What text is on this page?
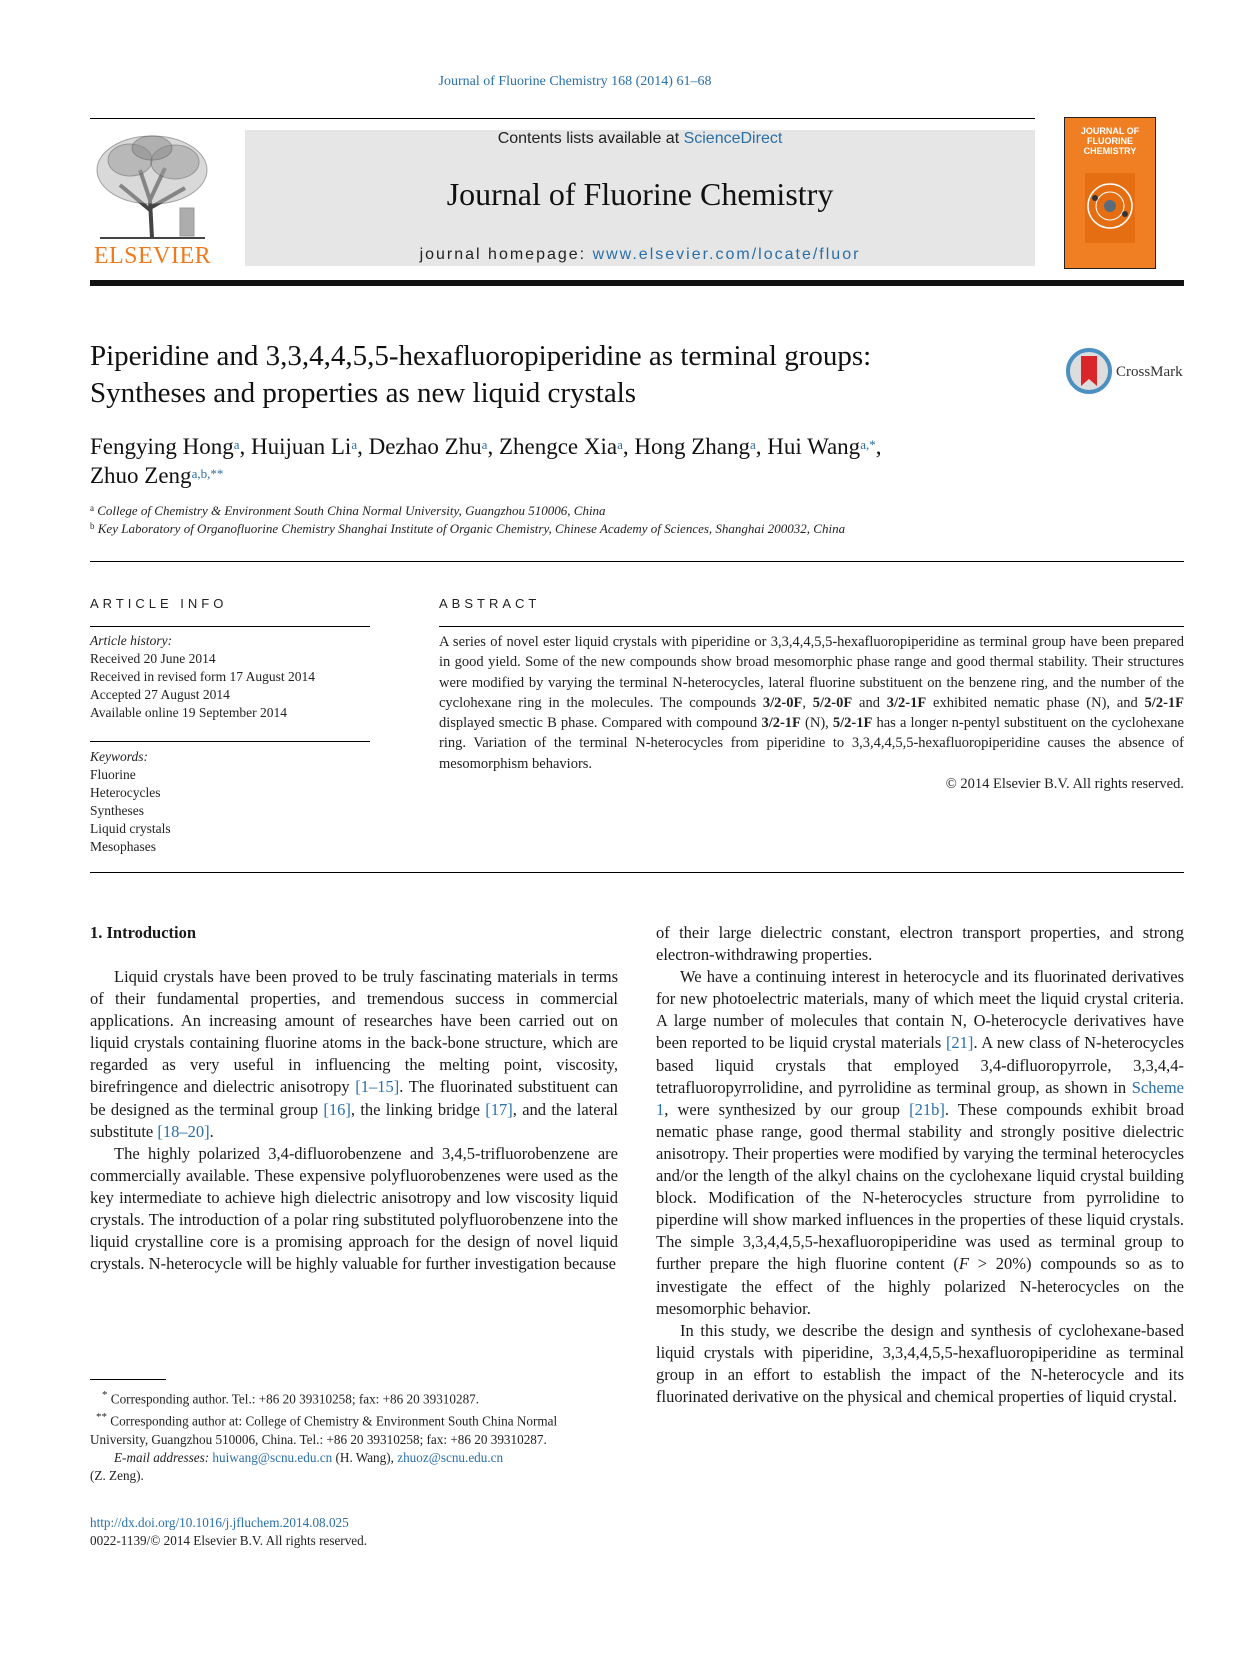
Journal of Fluorine Chemistry 168 (2014) 61–68
ELSEVIER
Contents lists available at ScienceDirect
Journal of Fluorine Chemistry
journal homepage: www.elsevier.com/locate/fluor
JOURNAL OF FLUORINE CHEMISTRY
Piperidine and 3,3,4,4,5,5-hexafluoropiperidine as terminal groups:
Syntheses and properties as new liquid crystals
CrossMark
Fengying Hong$^a$, Huijuan Li$^a$, Dezhao Zhu$^a$, Zhengce Xia$^a$, Hong Zhang$^a$, Hui Wang$^{a,*}$,
Zhuo Zeng$^{a,b,**}$
$^a$ College of Chemistry & Environment South China Normal University, Guangzhou 510006, China
$^b$ Key Laboratory of Organofluorine Chemistry Shanghai Institute of Organic Chemistry, Chinese Academy of Sciences, Shanghai 200032, China
ARTICLE INFO
Article history:
Received 20 June 2014
Received in revised form 17 August 2014
Accepted 27 August 2014
Available online 19 September 2014
Keywords:
Fluorine
Heterocycles
Syntheses
Liquid crystals
Mesophases
ABSTRACT
A series of novel ester liquid crystals with piperidine or 3,3,4,4,5,5-hexafluoropiperidine as terminal group have been prepared in good yield. Some of the new compounds show broad mesomorphic phase range and good thermal stability. Their structures were modified by varying the terminal N-heterocycles, lateral fluorine substituent on the benzene ring, and the number of the cyclohexane ring in the molecules. The compounds 3/2-0F, 5/2-0F and 3/2-1F exhibited nematic phase (N), and 5/2-1F displayed smectic B phase. Compared with compound 3/2-1F (N), 5/2-1F has a longer n-pentyl substituent on the cyclohexane ring. Variation of the terminal N-heterocycles from piperidine to 3,3,4,4,5,5-hexafluoropiperidine causes the absence of mesomorphism behaviors.
© 2014 Elsevier B.V. All rights reserved.
1. Introduction

Liquid crystals have been proved to be truly fascinating materials in terms of their fundamental properties, and tremendous success in commercial applications. An increasing amount of researches have been carried out on liquid crystals containing fluorine atoms in the back-bone structure, which are regarded as very useful in influencing the melting point, viscosity, birefringence and dielectric anisotropy [1–15]. The fluorinated substituent can be designed as the terminal group [16], the linking bridge [17], and the lateral substitute [18–20].

The highly polarized 3,4-difluorobenzene and 3,4,5-trifluorobenzene are commercially available. These expensive polyfluorobenzenes were used as the key intermediate to achieve high dielectric anisotropy and low viscosity liquid crystals. The introduction of a polar ring substituted polyfluorobenzene into the liquid crystalline core is a promising approach for the design of novel liquid crystals. N-heterocycle will be highly valuable for further investigation because

of their large dielectric constant, electron transport properties, and strong electron-withdrawing properties.

We have a continuing interest in heterocycle and its fluorinated derivatives for new photoelectric materials, many of which meet the liquid crystal criteria. A large number of molecules that contain N, O-heterocycle derivatives have been reported to be liquid crystal materials [21]. A new class of N-heterocycles based liquid crystals that employed 3,4-difluoropyrrole, 3,3,4,4-tetrafluoropyrrolidine, and pyrrolidine as terminal group, as shown in Scheme 1, were synthesized by our group [21b]. These compounds exhibit broad nematic phase range, good thermal stability and strongly positive dielectric anisotropy. Their properties were modified by varying the terminal heterocycles and/or the length of the alkyl chains on the cyclohexane liquid crystal building block. Modification of the N-heterocycles structure from pyrrolidine to piperdine will show marked influences in the properties of these liquid crystals. The simple 3,3,4,4,5,5-hexafluoropiperidine was used as terminal group to further prepare the high fluorine content (F > 20%) compounds so as to investigate the effect of the highly polarized N-heterocycles on the mesomorphic behavior.

In this study, we describe the design and synthesis of cyclohexane-based liquid crystals with piperidine, 3,3,4,4,5,5-hexafluoropiperidine as terminal group in an effort to establish the impact of the N-heterocycle and its fluorinated derivative on the physical and chemical properties of liquid crystal.

* Corresponding author. Tel.: +86 20 39310258; fax: +86 20 39310287.
** Corresponding author at: College of Chemistry & Environment South China Normal University, Guangzhou 510006, China. Tel.: +86 20 39310258; fax: +86 20 39310287.
E-mail addresses: huiwang@scnu.edu.cn (H. Wang), zhuoz@scnu.edu.cn
(Z. Zeng).
http://dx.doi.org/10.1016/j.jfluchem.2014.08.025
0022-1139/© 2014 Elsevier B.V. All rights reserved.
